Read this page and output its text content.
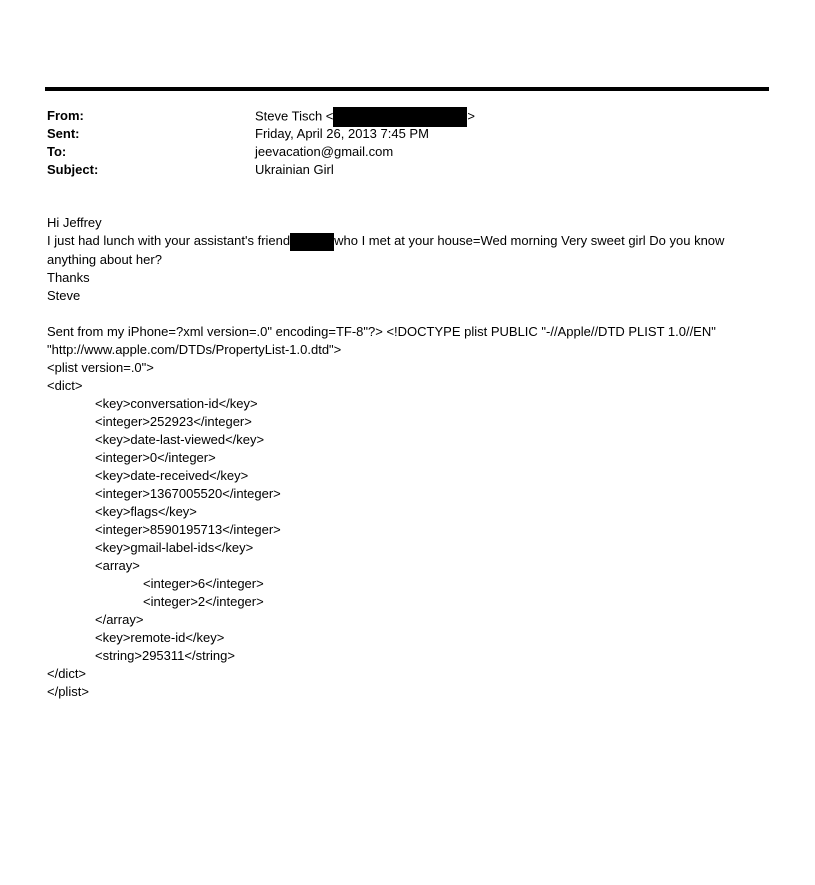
From:	Steve Tisch <	>
Sent:	Friday, April 26, 2013 7:45 PM
To:	jeevacation@gmail.com
Subject:	Ukrainian Girl
Hi Jeffrey
I just had lunch with your assistant's friend	who I met at your house=Wed morning Very sweet girl Do you know anything about her?
Thanks
Steve
Sent from my iPhone=?xml version=.0" encoding=TF-8"?> <!DOCTYPE plist PUBLIC "-//Apple//DTD PLIST 1.0//EN"
"http://www.apple.com/DTDs/PropertyList-1.0.dtd">
<plist version=.0">
<dict>
<key>conversation-id</key>
<integer>252923</integer>
<key>date-last-viewed</key>
<integer>0</integer>
<key>date-received</key>
<integer>1367005520</integer>
<key>flags</key>
<integer>8590195713</integer>
<key>gmail-label-ids</key>
<array>
<integer>6</integer>
<integer>2</integer>
</array>
<key>remote-id</key>
<string>295311</string>
</dict>
</plist>
